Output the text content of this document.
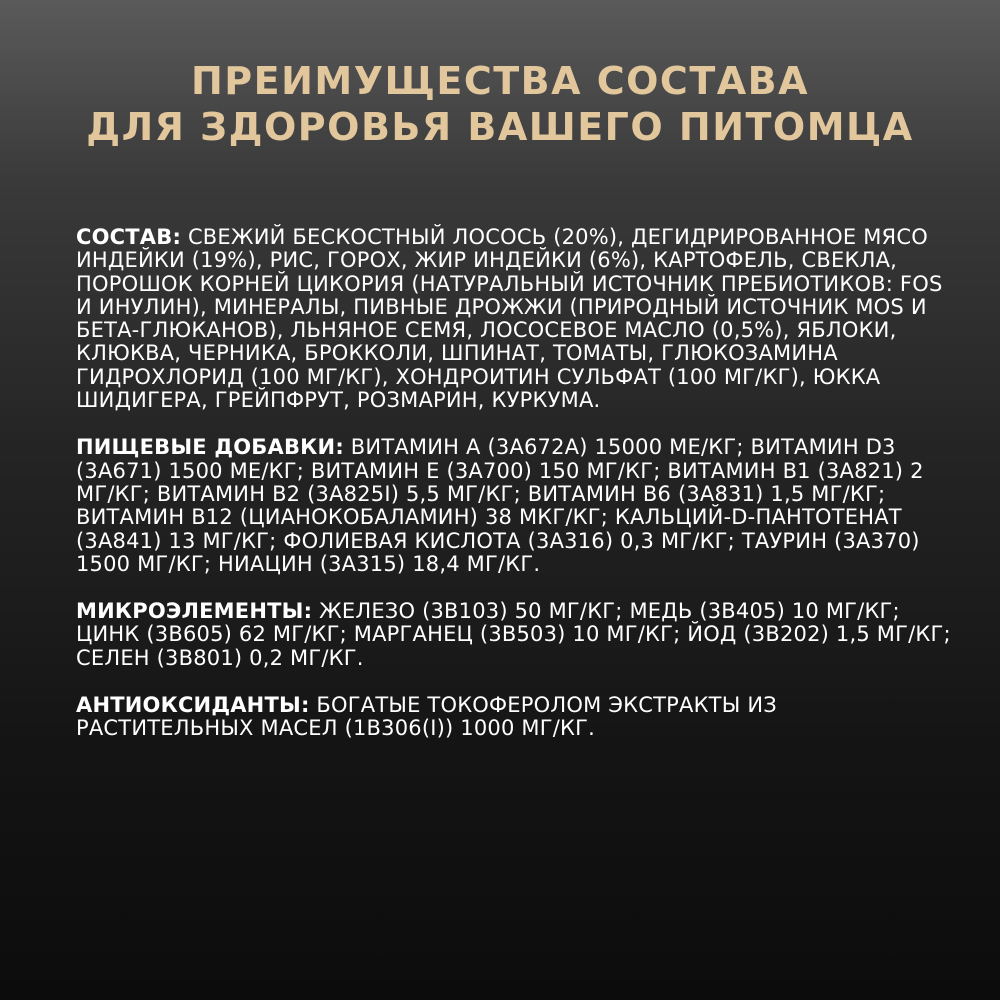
ПРЕИМУЩЕСТВА СОСТАВА
ДЛЯ ЗДОРОВЬЯ ВАШЕГО ПИТОМЦА

СОСТАВ: СВЕЖИЙ БЕСКОСТНЫЙ ЛОСОСЬ (20%), ДЕГИДРИРОВАННОЕ МЯСО ИНДЕЙКИ (19%), РИС, ГОРОХ, ЖИР ИНДЕЙКИ (6%), КАРТОФЕЛЬ, СВЕКЛА, ПОРОШОК КОРНЕЙ ЦИКОРИЯ (НАТУРАЛЬНЫЙ ИСТОЧНИК ПРЕБИОТИКОВ: FOS И ИНУЛИН), МИНЕРАЛЫ, ПИВНЫЕ ДРОЖЖИ (ПРИРОДНЫЙ ИСТОЧНИК MOS И БЕТА-ГЛЮКАНОВ), ЛЬНЯНОЕ СЕМЯ, ЛОСОСЕВОЕ МАСЛО (0,5%), ЯБЛОКИ, КЛЮКВА, ЧЕРНИКА, БРОККОЛИ, ШПИНАТ, ТОМАТЫ, ГЛЮКОЗАМИНА ГИДРОХЛОРИД (100 МГ/КГ), ХОНДРОИТИН СУЛЬФАТ (100 МГ/КГ), ЮККА ШИДИГЕРА, ГРЕЙПФРУТ, РОЗМАРИН, КУРКУМА.

ПИЩЕВЫЕ ДОБАВКИ: ВИТАМИН А (3А672А) 15000 МЕ/КГ; ВИТАМИН D3 (3А671) 1500 МЕ/КГ; ВИТАМИН Е (3А700) 150 МГ/КГ; ВИТАМИН В1 (3А821) 2 МГ/КГ; ВИТАМИН В2 (3А825I) 5,5 МГ/КГ; ВИТАМИН В6 (3А831) 1,5 МГ/КГ; ВИТАМИН В12 (ЦИАНОКОБАЛАМИН) 38 МКГ/КГ; КАЛЬЦИЙ-D-ПАНТОТЕНАТ (3А841) 13 МГ/КГ; ФОЛИЕВАЯ КИСЛОТА (3А316) 0,3 МГ/КГ; ТАУРИН (3А370) 1500 МГ/КГ; НИАЦИН (3А315) 18,4 МГ/КГ.

МИКРОЭЛЕМЕНТЫ: ЖЕЛЕЗО (3В103) 50 МГ/КГ; МЕДЬ (3В405) 10 МГ/КГ; ЦИНК (3В605) 62 МГ/КГ; МАРГАНЕЦ (3В503) 10 МГ/КГ; ЙОД (3В202) 1,5 МГ/КГ; СЕЛЕН (3В801) 0,2 МГ/КГ.

АНТИОКСИДАНТЫ: БОГАТЫЕ ТОКОФЕРОЛОМ ЭКСТРАКТЫ ИЗ РАСТИТЕЛЬНЫХ МАСЕЛ (1В306(I)) 1000 МГ/КГ.
